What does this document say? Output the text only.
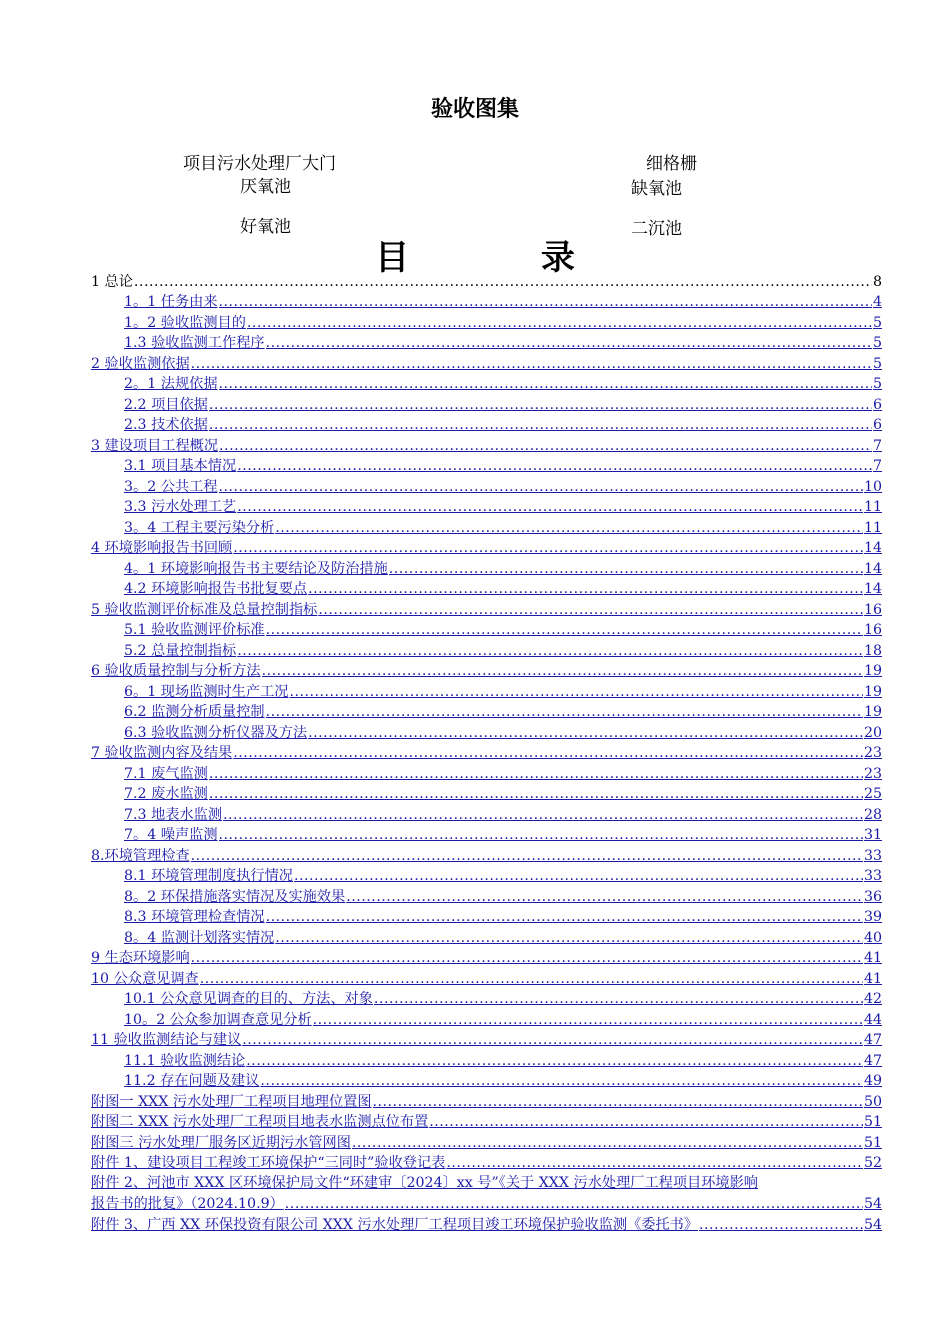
验收图集
项目污水处理厂大门	细格栅
厌氧池	缺氧池
好氧池	二沉池
目 录
1 总论 .....	8
1。1 任务由来 .....	4
1。2 验收监测目的 .....	5
1.3 验收监测工作程序 .....	5
2 验收监测依据 .....	5
2。1 法规依据 .....	5
2.2 项目依据 .....	6
2.3 技术依据 .....	6
3 建设项目工程概况 .....	7
3.1 项目基本情况 .....	7
3。2 公共工程 .....	10
3.3 污水处理工艺 .....	11
3。4 工程主要污染分析 .....	11
4 环境影响报告书回顾 .....	14
4。1 环境影响报告书主要结论及防治措施 .....	14
4.2 环境影响报告书批复要点 .....	14
5 验收监测评价标准及总量控制指标 .....	16
5.1 验收监测评价标准 .....	16
5.2 总量控制指标 .....	18
6 验收质量控制与分析方法 .....	19
6。1 现场监测时生产工况 .....	19
6.2 监测分析质量控制 .....	19
6.3 验收监测分析仪器及方法 .....	20
7 验收监测内容及结果 .....	23
7.1 废气监测 .....	23
7.2 废水监测 .....	25
7.3 地表水监测 .....	28
7。4 噪声监测 .....	31
8.环境管理检查 .....	33
8.1 环境管理制度执行情况 .....	33
8。2 环保措施落实情况及实施效果 .....	36
8.3 环境管理检查情况 .....	39
8。4 监测计划落实情况 .....	40
9 生态环境影响 .....	41
10 公众意见调查 .....	41
10.1 公众意见调查的目的、方法、对象 .....	42
10。2 公众参加调查意见分析 .....	44
11 验收监测结论与建议 .....	47
11.1 验收监测结论 .....	47
11.2 存在问题及建议 .....	49
附图一 XXX 污水处理厂工程项目地理位置图 .....	50
附图二 XXX 污水处理厂工程项目地表水监测点位布置 .....	51
附图三 污水处理厂服务区近期污水管网图 .....	51
附件 1、建设项目工程竣工环境保护“三同时”验收登记表 .....	52
附件 2、河池市 XXX 区环境保护局文件“环建审〔2024〕xx 号”《关于 XXX 污水处理厂工程项目环境影响
报告书的批复》（2024.10.9） .....	54
附件 3、广西 XX 环保投资有限公司 XXX 污水处理厂工程项目竣工环境保护验收监测《委托书》 .....	54
